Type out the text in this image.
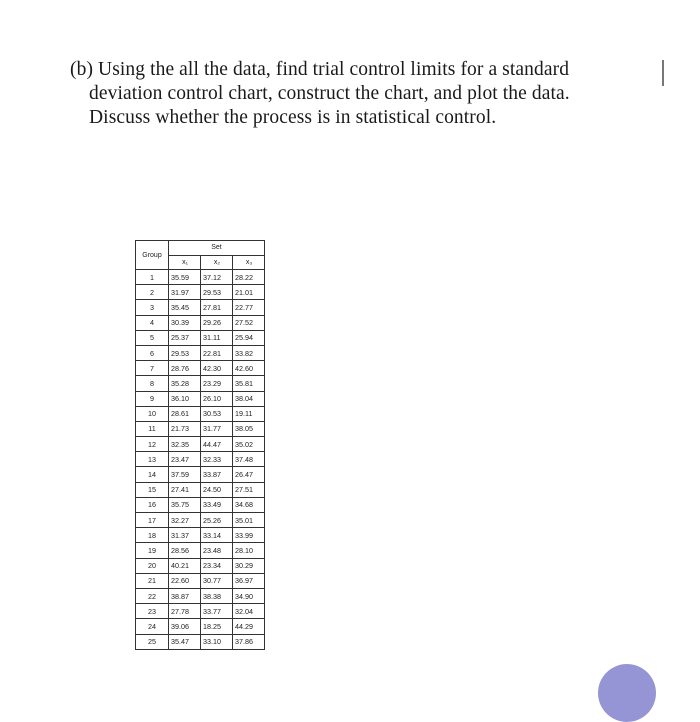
(b) Using the all the data, find trial control limits for a standard
deviation control chart, construct the chart, and plot the data.
Discuss whether the process is in statistical control.
Group	Set		
	x₁	x₂	x₃
1	35.59	37.12	28.22
2	31.97	29.53	21.01
3	35.45	27.81	22.77
4	30.39	29.26	27.52
5	25.37	31.11	25.94
6	29.53	22.81	33.82
7	28.76	42.30	42.60
8	35.28	23.29	35.81
9	36.10	26.10	38.04
10	28.61	30.53	19.11
11	21.73	31.77	38.05
12	32.35	44.47	35.02
13	23.47	32.33	37.48
14	37.59	33.87	26.47
15	27.41	24.50	27.51
16	35.75	33.49	34.68
17	32.27	25.26	35.01
18	31.37	33.14	33.99
19	28.56	23.48	28.10
20	40.21	23.34	30.29
21	22.60	30.77	36.97
22	38.87	38.38	34.90
23	27.78	33.77	32.04
24	39.06	18.25	44.29
25	35.47	33.10	37.86
